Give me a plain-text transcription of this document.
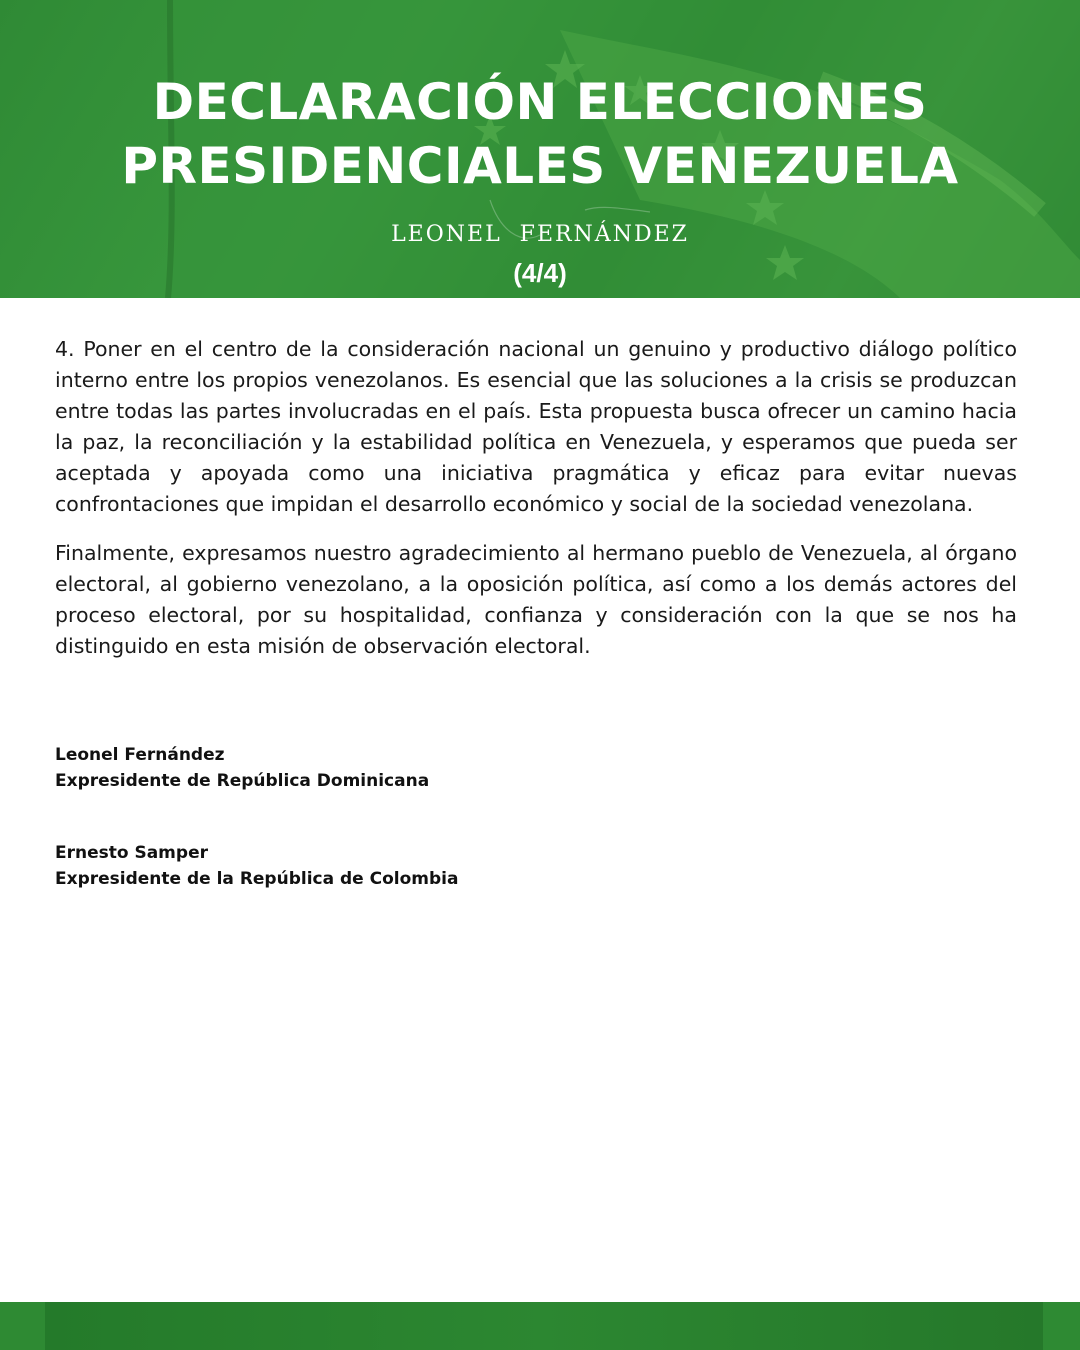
DECLARACIÓN ELECCIONES
PRESIDENCIALES VENEZUELA
LEONEL  FERNÁNDEZ
(4/4)

4. Poner en el centro de la consideración nacional un genuino y productivo diálogo político interno entre los propios venezolanos. Es esencial que las soluciones a la crisis se produzcan entre todas las partes involucradas en el país. Esta propuesta busca ofrecer un camino hacia la paz, la reconciliación y la estabilidad política en Venezuela, y esperamos que pueda ser aceptada y apoyada como una iniciativa pragmática y eficaz para evitar nuevas confrontaciones que impidan el desarrollo económico y social de la sociedad venezolana.

Finalmente, expresamos nuestro agradecimiento al hermano pueblo de Venezuela, al órgano electoral, al gobierno venezolano, a la oposición política, así como a los demás actores del proceso electoral, por su hospitalidad, confianza y consideración con la que se nos ha distinguido en esta misión de observación electoral.

Leonel Fernández
Expresidente de República Dominicana
Ernesto Samper
Expresidente de la República de Colombia
